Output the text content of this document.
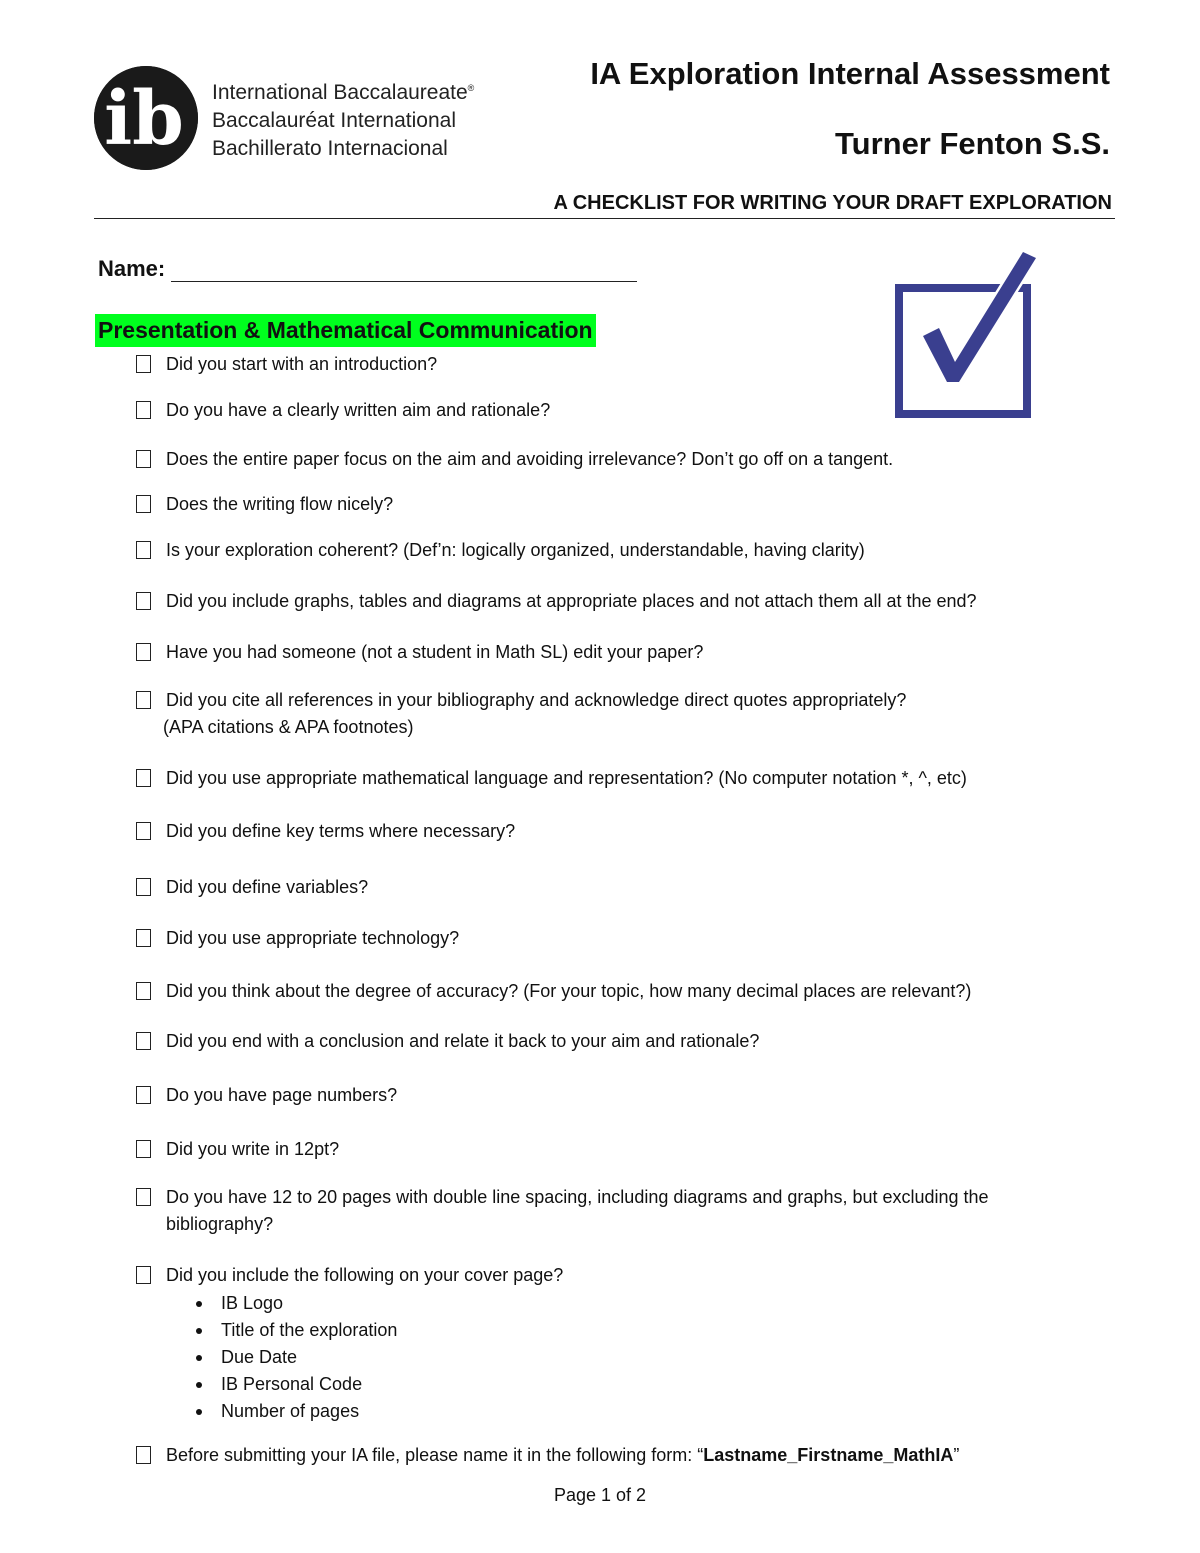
ib International Baccalaureate®
Baccalauréat International
Bachillerato Internacional
IA Exploration Internal Assessment
Turner Fenton S.S.
A CHECKLIST FOR WRITING YOUR DRAFT EXPLORATION
Name:
Presentation & Mathematical Communication
Did you start with an introduction?
Do you have a clearly written aim and rationale?
Does the entire paper focus on the aim and avoiding irrelevance? Don’t go off on a tangent.
Does the writing flow nicely?
Is your exploration coherent? (Def’n: logically organized, understandable, having clarity)
Did you include graphs, tables and diagrams at appropriate places and not attach them all at the end?
Have you had someone (not a student in Math SL) edit your paper?
Did you cite all references in your bibliography and acknowledge direct quotes appropriately?
(APA citations & APA footnotes)
Did you use appropriate mathematical language and representation? (No computer notation *, ^, etc)
Did you define key terms where necessary?
Did you define variables?
Did you use appropriate technology?
Did you think about the degree of accuracy? (For your topic, how many decimal places are relevant?)
Did you end with a conclusion and relate it back to your aim and rationale?
Do you have page numbers?
Did you write in 12pt?
Do you have 12 to 20 pages with double line spacing, including diagrams and graphs, but excluding the bibliography?
Did you include the following on your cover page?
IB Logo
Title of the exploration
Due Date
IB Personal Code
Number of pages
Before submitting your IA file, please name it in the following form: “Lastname_Firstname_MathIA”
Page 1 of 2
